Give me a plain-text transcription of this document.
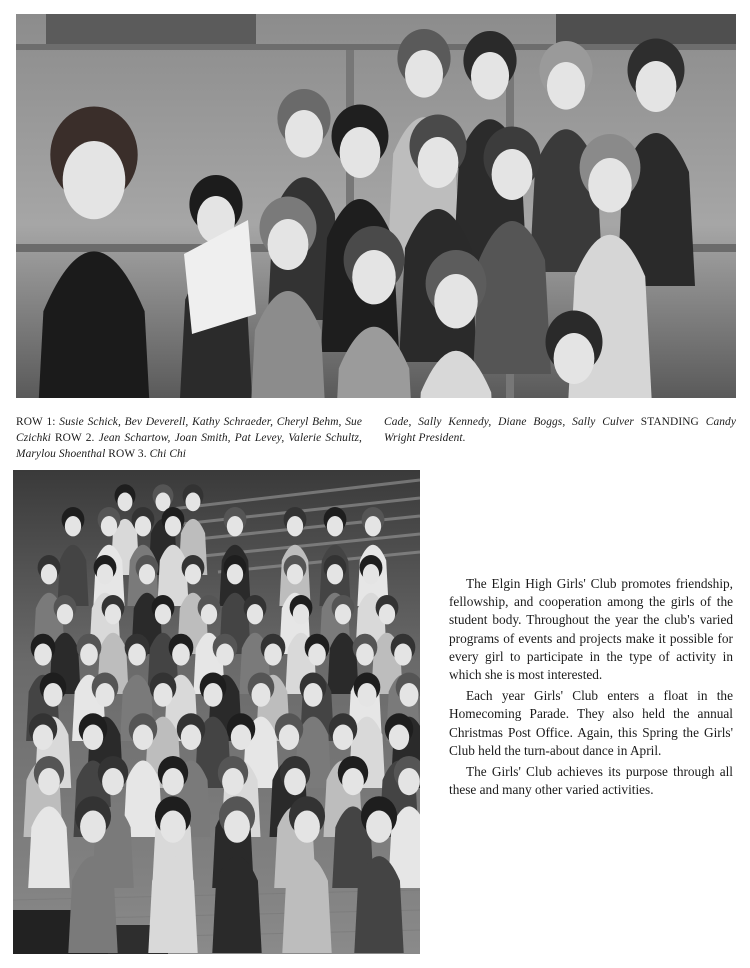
ROW 1: Susie Schick, Bev Deverell, Kathy Schraeder, Cheryl Behm, Sue Czichki ROW 2. Jean Schartow, Joan Smith, Pat Levey, Valerie Schultz, Marylou Shoenthal ROW 3. Chi Chi
Cade, Sally Kennedy, Diane Boggs, Sally Culver STANDING Candy Wright President.

The Elgin High Girls' Club promotes friendship, fellowship, and cooperation among the girls of the student body. Throughout the year the club's varied programs of events and projects make it possible for every girl to participate in the type of activity in which she is most interested.

Each year Girls' Club enters a float in the Homecoming Parade. They also held the annual Christmas Post Office. Again, this Spring the Girls' Club held the turn-about dance in April.

The Girls' Club achieves its purpose through all these and many other varied activities.
